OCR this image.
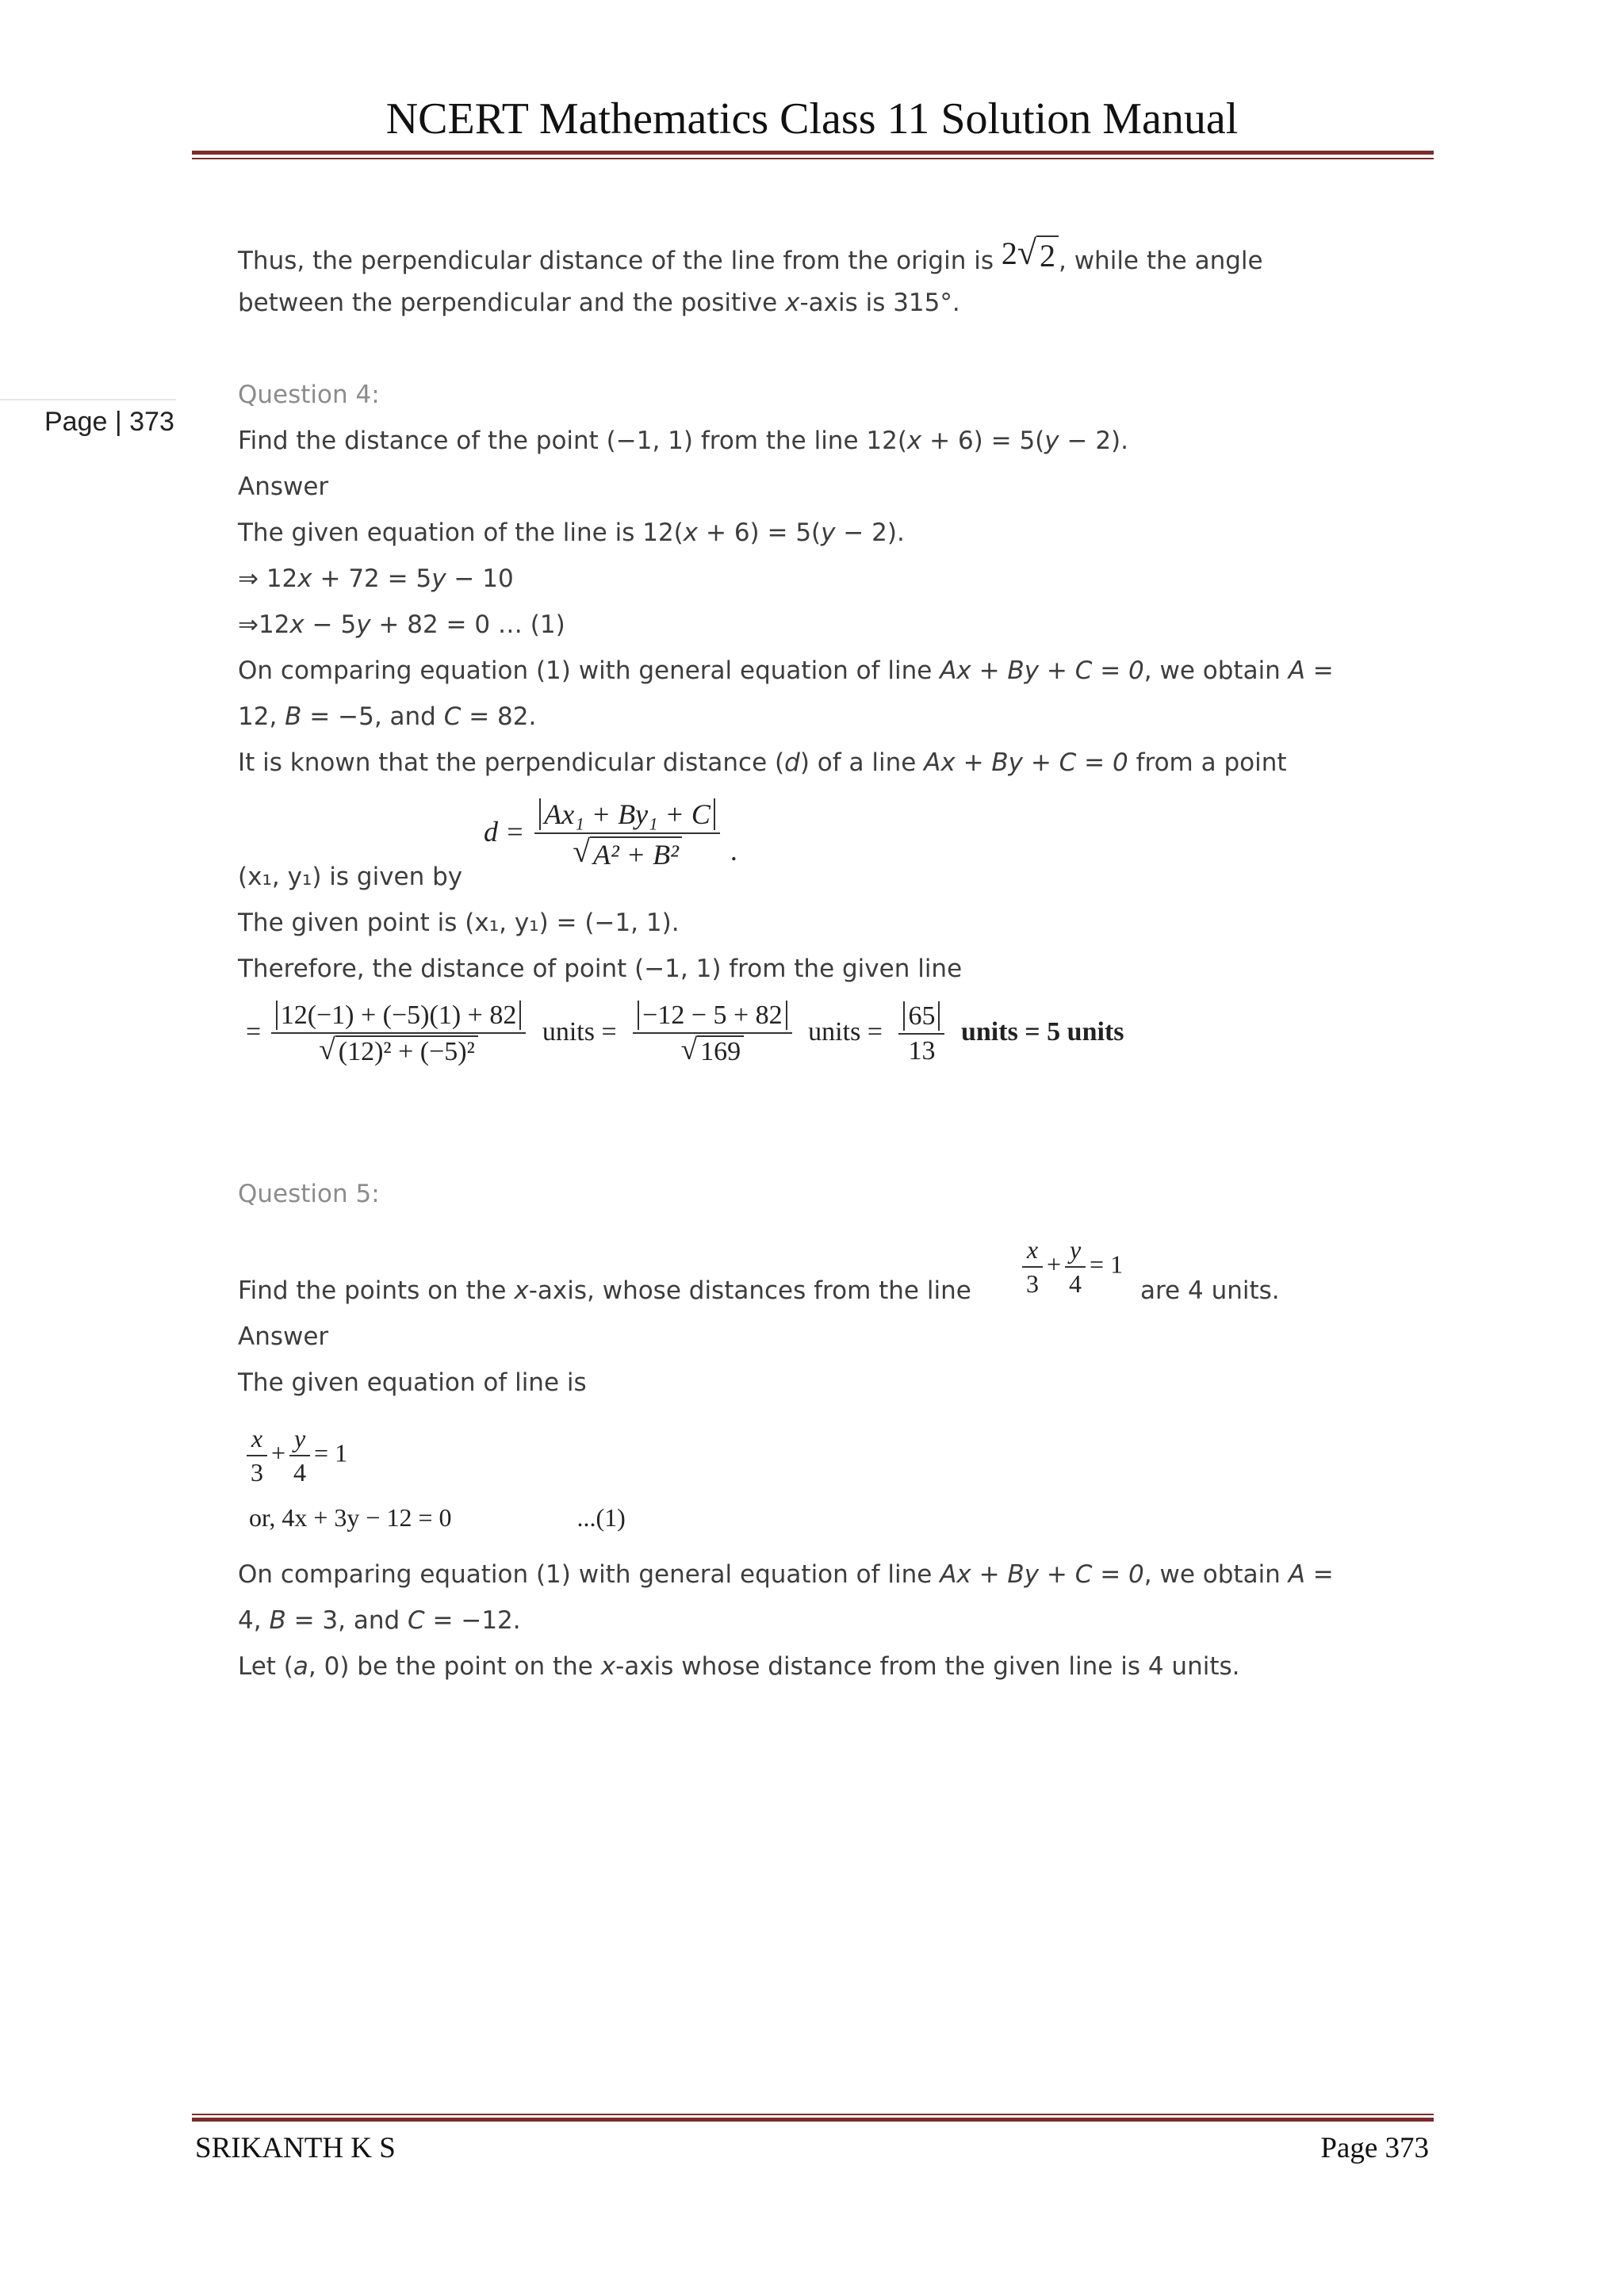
NCERT Mathematics Class 11 Solution Manual
Page | 373
Thus, the perpendicular distance of the line from the origin is 2 √ 2 , while the angle
between the perpendicular and the positive x-axis is 315°.
Question 4:
Find the distance of the point (−1, 1) from the line 12(x + 6) = 5(y − 2).
Answer
The given equation of the line is 12(x + 6) = 5(y − 2).
⇒ 12x + 72 = 5y − 10
⇒12x − 5y + 82 = 0 … (1)
On comparing equation (1) with general equation of line Ax + By + C = 0, we obtain A =
12, B = −5, and C = 82.
It is known that the perpendicular distance (d) of a line Ax + By + C = 0 from a point
(x₁, y₁) is given by
$d = \frac{\text{Ax₁ + By₁ + C}}{\text{√ A² + B²}}$ .
The given point is (x₁, y₁) = (−1, 1).
Therefore, the distance of point (−1, 1) from the given line
= $\frac{12(-1) + (-5)(1) + 82}{\text{√ (12)² + (−5)²}}$ units = $\frac{-12 - 5 + 82}{√ 169}$ units = $\frac{65}{13}$ units = 5 units
Question 5:
Find the points on the x-axis, whose distances from the line $\frac{x}{3} + \frac{y}{4} = 1$
are 4 units.
Answer
The given equation of line is
$\frac{x}{3} + \frac{y}{4} = 1$
or, 4x + 3y − 12 = 0	...(1)
On comparing equation (1) with general equation of line Ax + By + C = 0, we obtain A =
4, B = 3, and C = −12.
Let (a, 0) be the point on the x-axis whose distance from the given line is 4 units.
SRIKANTH K S	Page 373
